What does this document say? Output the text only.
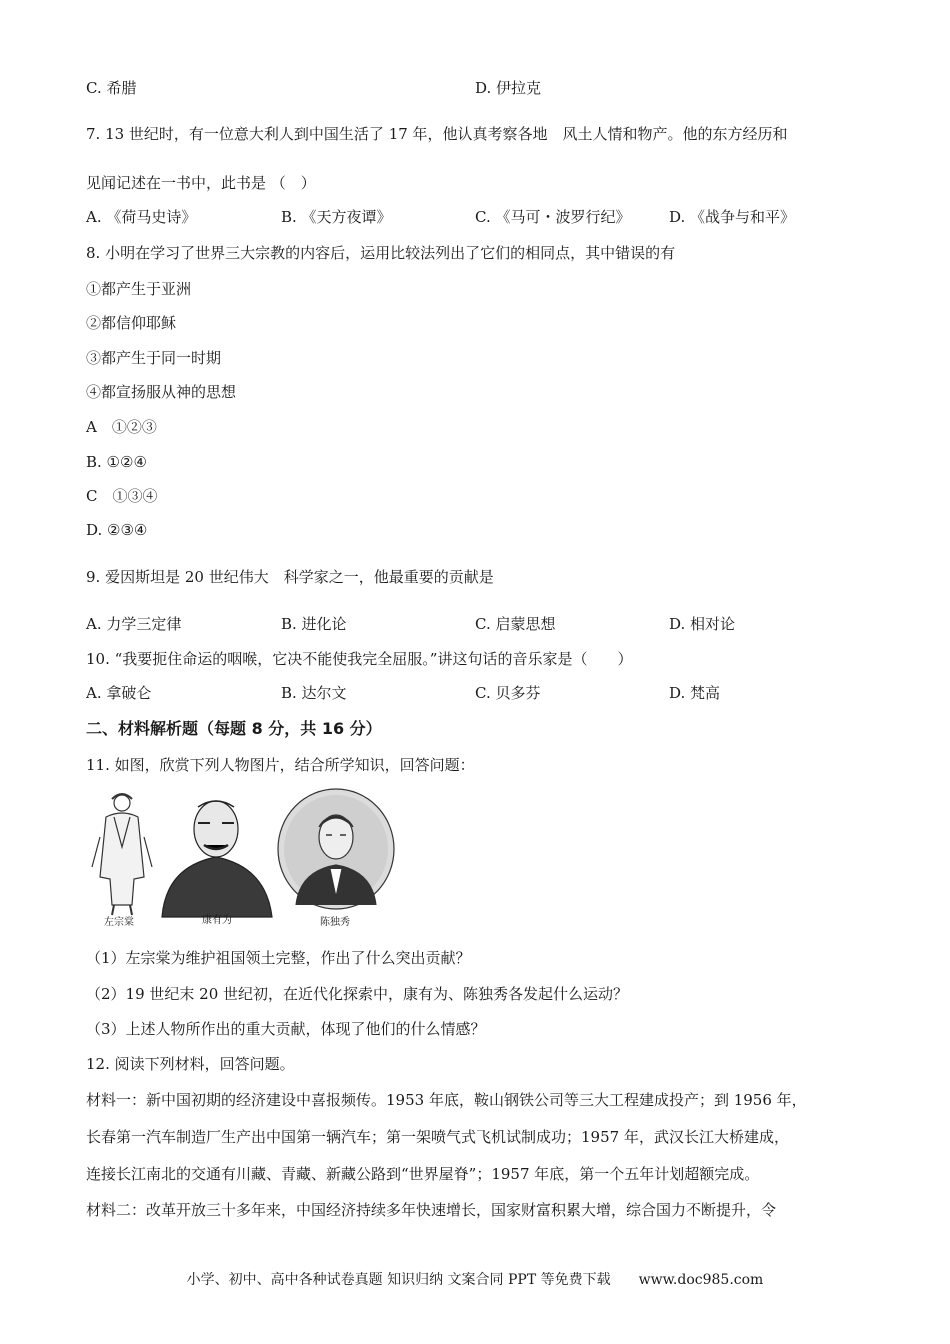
C. 希腊	D. 伊拉克
7. 13 世纪时，有一位意大利人到中国生活了 17 年，他认真考察各地　风土人情和物产。他的东方经历和
见闻记述在一书中，此书是 （　）
A. 《荷马史诗》	B. 《天方夜谭》	C. 《马可・波罗行纪》	D. 《战争与和平》
8. 小明在学习了世界三大宗教的内容后，运用比较法列出了它们的相同点，其中错误的有
①都产生于亚洲
②都信仰耶稣
③都产生于同一时期
④都宣扬服从神的思想
A　①②③
B. ①②④
C　①③④
D. ②③④
9. 爱因斯坦是 20 世纪伟大　科学家之一，他最重要的贡献是
A. 力学三定律	B. 进化论	C. 启蒙思想	D. 相对论
10. “我要扼住命运的咽喉，它决不能使我完全屈服。”讲这句话的音乐家是（　　）
A. 拿破仑	B. 达尔文	C. 贝多芬	D. 梵高
二、材料解析题（每题 8 分，共 16 分）
11. 如图，欣赏下列人物图片，结合所学知识，回答问题：
左宗棠	康有为	陈独秀
（1）左宗棠为维护祖国领土完整，作出了什么突出贡献？
（2）19 世纪末 20 世纪初，在近代化探索中，康有为、陈独秀各发起什么运动？
（3）上述人物所作出的重大贡献，体现了他们的什么情感？
12. 阅读下列材料，回答问题。
材料一：新中国初期的经济建设中喜报频传。1953 年底，鞍山钢铁公司等三大工程建成投产；到 1956 年，
长春第一汽车制造厂生产出中国第一辆汽车；第一架喷气式飞机试制成功；1957 年，武汉长江大桥建成，
连接长江南北的交通有川藏、青藏、新藏公路到“世界屋脊”；1957 年底，第一个五年计划超额完成。
材料二：改革开放三十多年来，中国经济持续多年快速增长，国家财富积累大增，综合国力不断提升，令
小学、初中、高中各种试卷真题 知识归纳 文案合同 PPT 等免费下载　　www.doc985.com
